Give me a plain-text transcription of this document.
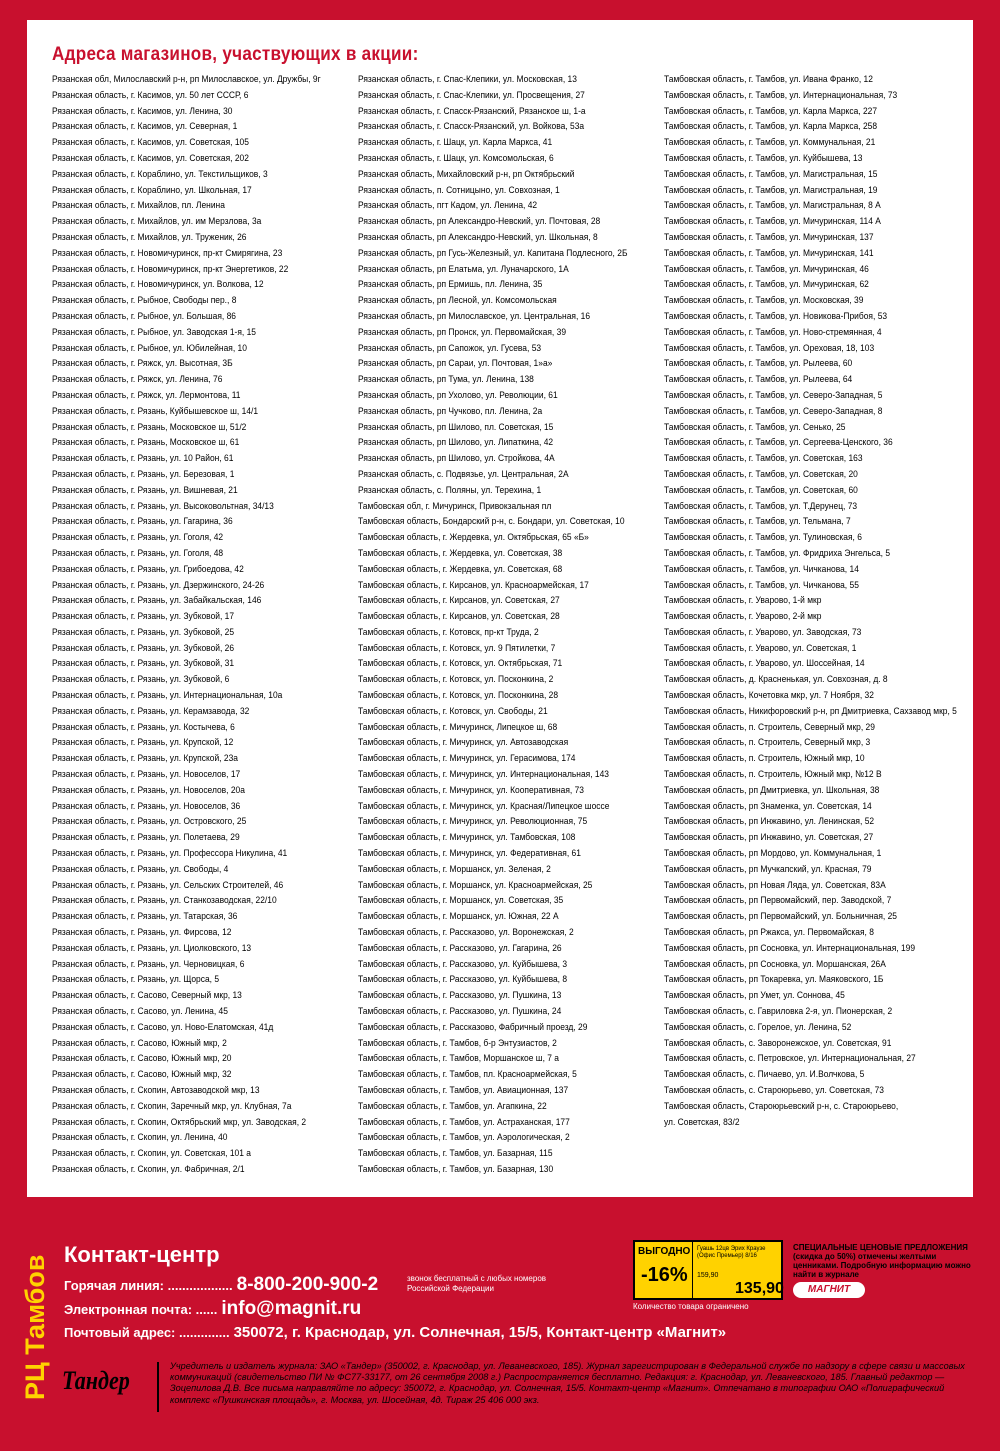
Адреса магазинов, участвующих в акции:
Рязанская обл, Милославский р-н, рп Милославское, ул. Дружбы, 9г
Рязанская область, г. Касимов, ул. 50 лет СССР, 6
Рязанская область, г. Касимов, ул. Ленина, 30
Рязанская область, г. Касимов, ул. Северная, 1
Рязанская область, г. Касимов, ул. Советская, 105
Рязанская область, г. Касимов, ул. Советская, 202
Рязанская область, г. Кораблино, ул. Текстильщиков, 3
Рязанская область, г. Кораблино, ул. Школьная, 17
Рязанская область, г. Михайлов, пл. Ленина
Рязанская область, г. Михайлов, ул. им Мерзлова, 3а
Рязанская область, г. Михайлов, ул. Труженик, 26
Рязанская область, г. Новомичуринск, пр-кт Смирягина, 23
Рязанская область, г. Новомичуринск, пр-кт Энергетиков, 22
Рязанская область, г. Новомичуринск, ул. Волкова, 12
Рязанская область, г. Рыбное, Свободы пер., 8
Рязанская область, г. Рыбное, ул. Большая, 86
Рязанская область, г. Рыбное, ул. Заводская 1-я, 15
Рязанская область, г. Рыбное, ул. Юбилейная, 10
Рязанская область, г. Ряжск, ул. Высотная, 3Б
Рязанская область, г. Ряжск, ул. Ленина, 76
Рязанская область, г. Ряжск, ул. Лермонтова, 11
Рязанская область, г. Рязань, Куйбышевское ш, 14/1
Рязанская область, г. Рязань, Московское ш, 51/2
Рязанская область, г. Рязань, Московское ш, 61
Рязанская область, г. Рязань, ул. 10 Район, 61
Рязанская область, г. Рязань, ул. Березовая, 1
Рязанская область, г. Рязань, ул. Вишневая, 21
Рязанская область, г. Рязань, ул. Высоковольтная, 34/13
Рязанская область, г. Рязань, ул. Гагарина, 36
Рязанская область, г. Рязань, ул. Гоголя, 42
Рязанская область, г. Рязань, ул. Гоголя, 48
Рязанская область, г. Рязань, ул. Грибоедова, 42
Рязанская область, г. Рязань, ул. Дзержинского, 24-26
Рязанская область, г. Рязань, ул. Забайкальская, 146
Рязанская область, г. Рязань, ул. Зубковой, 17
Рязанская область, г. Рязань, ул. Зубковой, 25
Рязанская область, г. Рязань, ул. Зубковой, 26
Рязанская область, г. Рязань, ул. Зубковой, 31
Рязанская область, г. Рязань, ул. Зубковой, 6
Рязанская область, г. Рязань, ул. Интернациональная, 10а
Рязанская область, г. Рязань, ул. Керамзавода, 32
Рязанская область, г. Рязань, ул. Костычева, 6
Рязанская область, г. Рязань, ул. Крупской, 12
Рязанская область, г. Рязань, ул. Крупской, 23а
Рязанская область, г. Рязань, ул. Новоселов, 17
Рязанская область, г. Рязань, ул. Новоселов, 20а
Рязанская область, г. Рязань, ул. Новоселов, 36
Рязанская область, г. Рязань, ул. Островского, 25
Рязанская область, г. Рязань, ул. Полетаева, 29
Рязанская область, г. Рязань, ул. Профессора Никулина, 41
Рязанская область, г. Рязань, ул. Свободы, 4
Рязанская область, г. Рязань, ул. Сельских Строителей, 46
Рязанская область, г. Рязань, ул. Станкозаводская, 22/10
Рязанская область, г. Рязань, ул. Татарская, 36
Рязанская область, г. Рязань, ул. Фирсова, 12
Рязанская область, г. Рязань, ул. Циолковского, 13
Рязанская область, г. Рязань, ул. Черновицкая, 6
Рязанская область, г. Рязань, ул. Щорса, 5
Рязанская область, г. Сасово, Северный мкр, 13
Рязанская область, г. Сасово, ул. Ленина, 45
Рязанская область, г. Сасово, ул. Ново-Елатомская, 41д
Рязанская область, г. Сасово, Южный мкр, 2
Рязанская область, г. Сасово, Южный мкр, 20
Рязанская область, г. Сасово, Южный мкр, 32
Рязанская область, г. Скопин, Автозаводской мкр, 13
Рязанская область, г. Скопин, Заречный мкр, ул. Клубная, 7а
Рязанская область, г. Скопин, Октябрьский мкр, ул. Заводская, 2
Рязанская область, г. Скопин, ул. Ленина, 40
Рязанская область, г. Скопин, ул. Советская, 101 а
Рязанская область, г. Скопин, ул. Фабричная, 2/1
Рязанская область, г. Спас-Клепики, ул. Московская, 13
Рязанская область, г. Спас-Клепики, ул. Просвещения, 27
Рязанская область, г. Спасск-Рязанский, Рязанское ш, 1-а
Рязанская область, г. Спасск-Рязанский, ул. Войкова, 53а
Рязанская область, г. Шацк, ул. Карла Маркса, 41
Рязанская область, г. Шацк, ул. Комсомольская, 6
Рязанская область, Михайловский р-н, рп Октябрьский
Рязанская область, п. Сотницыно, ул. Совхозная, 1
Рязанская область, пгт Кадом, ул. Ленина, 42
Рязанская область, рп Александро-Невский, ул. Почтовая, 28
Рязанская область, рп Александро-Невский, ул. Школьная, 8
Рязанская область, рп Гусь-Железный, ул. Капитана Подлесного, 2Б
Рязанская область, рп Елатьма, ул. Луначарского, 1А
Рязанская область, рп Ермишь, пл. Ленина, 35
Рязанская область, рп Лесной, ул. Комсомольская
Рязанская область, рп Милославское, ул. Центральная, 16
Рязанская область, рп Пронск, ул. Первомайская, 39
Рязанская область, рп Сапожок, ул. Гусева, 53
Рязанская область, рп Сараи, ул. Почтовая, 1»а»
Рязанская область, рп Тума, ул. Ленина, 138
Рязанская область, рп Ухолово, ул. Революции, 61
Рязанская область, рп Чучково, пл. Ленина, 2а
Рязанская область, рп Шилово, пл. Советская, 15
Рязанская область, рп Шилово, ул. Липаткина, 42
Рязанская область, рп Шилово, ул. Стройкова, 4А
Рязанская область, с. Подвязье, ул. Центральная, 2А
Рязанская область, с. Поляны, ул. Терехина, 1
Тамбовская обл, г. Мичуринск, Привокзальная пл
Тамбовская область, Бондарский р-н, с. Бондари, ул. Советская, 10
Тамбовская область, г. Жердевка, ул. Октябрьская, 65 «Б»
Тамбовская область, г. Жердевка, ул. Советская, 38
Тамбовская область, г. Жердевка, ул. Советская, 68
Тамбовская область, г. Кирсанов, ул. Красноармейская, 17
Тамбовская область, г. Кирсанов, ул. Советская, 27
Тамбовская область, г. Кирсанов, ул. Советская, 28
Тамбовская область, г. Котовск, пр-кт Труда, 2
Тамбовская область, г. Котовск, ул. 9 Пятилетки, 7
Тамбовская область, г. Котовск, ул. Октябрьская, 71
Тамбовская область, г. Котовск, ул. Посконкина, 2
Тамбовская область, г. Котовск, ул. Посконкина, 28
Тамбовская область, г. Котовск, ул. Свободы, 21
Тамбовская область, г. Мичуринск, Липецкое ш, 68
Тамбовская область, г. Мичуринск, ул. Автозаводская
Тамбовская область, г. Мичуринск, ул. Герасимова, 174
Тамбовская область, г. Мичуринск, ул. Интернациональная, 143
Тамбовская область, г. Мичуринск, ул. Кооперативная, 73
Тамбовская область, г. Мичуринск, ул. Красная/Липецкое шоссе
Тамбовская область, г. Мичуринск, ул. Революционная, 75
Тамбовская область, г. Мичуринск, ул. Тамбовская, 108
Тамбовская область, г. Мичуринск, ул. Федеративная, 61
Тамбовская область, г. Моршанск, ул. Зеленая, 2
Тамбовская область, г. Моршанск, ул. Красноармейская, 25
Тамбовская область, г. Моршанск, ул. Советская, 35
Тамбовская область, г. Моршанск, ул. Южная, 22 А
Тамбовская область, г. Рассказово, ул. Воронежская, 2
Тамбовская область, г. Рассказово, ул. Гагарина, 26
Тамбовская область, г. Рассказово, ул. Куйбышева, 3
Тамбовская область, г. Рассказово, ул. Куйбышева, 8
Тамбовская область, г. Рассказово, ул. Пушкина, 13
Тамбовская область, г. Рассказово, ул. Пушкина, 24
Тамбовская область, г. Рассказово, Фабричный проезд, 29
Тамбовская область, г. Тамбов, б-р Энтузиастов, 2
Тамбовская область, г. Тамбов, Моршанское ш, 7 а
Тамбовская область, г. Тамбов, пл. Красноармейская, 5
Тамбовская область, г. Тамбов, ул. Авиационная, 137
Тамбовская область, г. Тамбов, ул. Агапкина, 22
Тамбовская область, г. Тамбов, ул. Астраханская, 177
Тамбовская область, г. Тамбов, ул. Аэрологическая, 2
Тамбовская область, г. Тамбов, ул. Базарная, 115
Тамбовская область, г. Тамбов, ул. Базарная, 130
Тамбовская область, г. Тамбов, ул. Ивана Франко, 12
Тамбовская область, г. Тамбов, ул. Интернациональная, 73
Тамбовская область, г. Тамбов, ул. Карла Маркса, 227
Тамбовская область, г. Тамбов, ул. Карла Маркса, 258
Тамбовская область, г. Тамбов, ул. Коммунальная, 21
Тамбовская область, г. Тамбов, ул. Куйбышева, 13
Тамбовская область, г. Тамбов, ул. Магистральная, 15
Тамбовская область, г. Тамбов, ул. Магистральная, 19
Тамбовская область, г. Тамбов, ул. Магистральная, 8 А
Тамбовская область, г. Тамбов, ул. Мичуринская, 114 А
Тамбовская область, г. Тамбов, ул. Мичуринская, 137
Тамбовская область, г. Тамбов, ул. Мичуринская, 141
Тамбовская область, г. Тамбов, ул. Мичуринская, 46
Тамбовская область, г. Тамбов, ул. Мичуринская, 62
Тамбовская область, г. Тамбов, ул. Московская, 39
Тамбовская область, г. Тамбов, ул. Новикова-Прибоя, 53
Тамбовская область, г. Тамбов, ул. Ново-стремянная, 4
Тамбовская область, г. Тамбов, ул. Ореховая, 18, 103
Тамбовская область, г. Тамбов, ул. Рылеева, 60
Тамбовская область, г. Тамбов, ул. Рылеева, 64
Тамбовская область, г. Тамбов, ул. Северо-Западная, 5
Тамбовская область, г. Тамбов, ул. Северо-Западная, 8
Тамбовская область, г. Тамбов, ул. Сенько, 25
Тамбовская область, г. Тамбов, ул. Сергеева-Ценского, 36
Тамбовская область, г. Тамбов, ул. Советская, 163
Тамбовская область, г. Тамбов, ул. Советская, 20
Тамбовская область, г. Тамбов, ул. Советская, 60
Тамбовская область, г. Тамбов, ул. Т.Дерунец, 73
Тамбовская область, г. Тамбов, ул. Тельмана, 7
Тамбовская область, г. Тамбов, ул. Тулиновская, 6
Тамбовская область, г. Тамбов, ул. Фридриха Энгельса, 5
Тамбовская область, г. Тамбов, ул. Чичканова, 14
Тамбовская область, г. Тамбов, ул. Чичканова, 55
Тамбовская область, г. Уварово, 1-й мкр
Тамбовская область, г. Уварово, 2-й мкр
Тамбовская область, г. Уварово, ул. Заводская, 73
Тамбовская область, г. Уварово, ул. Советская, 1
Тамбовская область, г. Уварово, ул. Шоссейная, 14
Тамбовская область, д. Красненькая, ул. Совхозная, д. 8
Тамбовская область, Кочетовка мкр, ул. 7 Ноября, 32
Тамбовская область, Никифоровский р-н, рп Дмитриевка, Сахзавод мкр, 5
Тамбовская область, п. Строитель, Северный мкр, 29
Тамбовская область, п. Строитель, Северный мкр, 3
Тамбовская область, п. Строитель, Южный мкр, 10
Тамбовская область, п. Строитель, Южный мкр, №12 В
Тамбовская область, рп Дмитриевка, ул. Школьная, 38
Тамбовская область, рп Знаменка, ул. Советская, 14
Тамбовская область, рп Инжавино, ул. Ленинская, 52
Тамбовская область, рп Инжавино, ул. Советская, 27
Тамбовская область, рп Мордово, ул. Коммунальная, 1
Тамбовская область, рп Мучкапский, ул. Красная, 79
Тамбовская область, рп Новая Ляда, ул. Советская, 83А
Тамбовская область, рп Первомайский, пер. Заводской, 7
Тамбовская область, рп Первомайский, ул. Больничная, 25
Тамбовская область, рп Ржакса, ул. Первомайская, 8
Тамбовская область, рп Сосновка, ул. Интернациональная, 199
Тамбовская область, рп Сосновка, ул. Моршанская, 26А
Тамбовская область, рп Токаревка, ул. Маяковского, 1Б
Тамбовская область, рп Умет, ул. Соннова, 45
Тамбовская область, с. Гавриловка 2-я, ул. Пионерская, 2
Тамбовская область, с. Горелое, ул. Ленина, 52
Тамбовская область, с. Заворонежское, ул. Советская, 91
Тамбовская область, с. Петровское, ул. Интернациональная, 27
Тамбовская область, с. Пичаево, ул. И.Волчкова, 5
Тамбовская область, с. Староюрьево, ул. Советская, 73
Тамбовская область, Староюрьевский р-н, с. Староюрьево,
ул. Советская, 83/2
РЦ Тамбов
Контакт-центр
Горячая линия: .................. 8-800-200-900-2	звонок бесплатный с любых номеров Российской Федерации
Электронная почта: ...... info@magnit.ru
Почтовый адрес: .............. 350072, г. Краснодар, ул. Солнечная, 15/5, Контакт-центр «Магнит»
ВЫГОДНО
-16%
Гуашь 12цв Эрих Краузе (Офис Премьер) 8/16
159,90
135,90
Количество товара ограничено
СПЕЦИАЛЬНЫЕ ЦЕНОВЫЕ ПРЕДЛОЖЕНИЯ (скидка до 50%) отмечены желтыми ценниками. Подробную информацию можно найти в журнале
МАГНИТ
Тандер	Учредитель и издатель журнала: ЗАО «Тандер» (350002, г. Краснодар, ул. Леваневского, 185). Журнал зарегистрирован в Федеральной службе по надзору в сфере связи и массовых коммуникаций (свидетельство ПИ № ФС77-33177, от 26 сентября 2008 г.) Распространяется бесплатно. Редакция: г. Краснодар, ул. Леваневского, 185. Главный редактор — Зоцепилова Д.В. Все письма направляйте по адресу: 350072, г. Краснодар, ул. Солнечная, 15/5. Контакт-центр «Магнит». Отпечатано в типографии ОАО «Полиграфический комплекс «Пушкинская площадь», г. Москва, ул. Шосейная, 4д. Тираж 25 406 000 экз.
